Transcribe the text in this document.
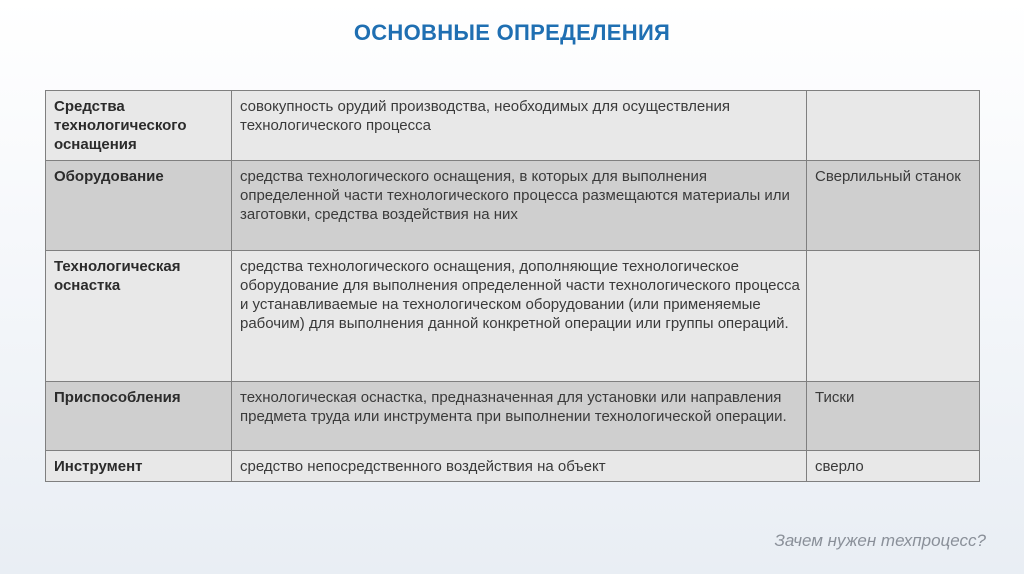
ОСНОВНЫЕ ОПРЕДЕЛЕНИЯ
Средства технологического оснащения	совокупность орудий производства, необходимых для осуществления технологического процесса	
Оборудование	средства технологического оснащения, в которых для выполнения определенной части технологического процесса размещаются материалы или заготовки, средства воздействия на них	Сверлильный станок
Технологическая оснастка	средства технологического оснащения, дополняющие технологическое оборудование для выполнения определенной части технологического процесса и устанавливаемые на технологическом оборудовании (или применяемые рабочим) для выполнения данной конкретной операции или группы операций.	
Приспособления	технологическая оснастка, предназначенная для установки или направления предмета труда или инструмента при выполнении технологической операции.	Тиски
Инструмент	средство непосредственного воздействия на объект	сверло
Зачем нужен техпроцесс?
